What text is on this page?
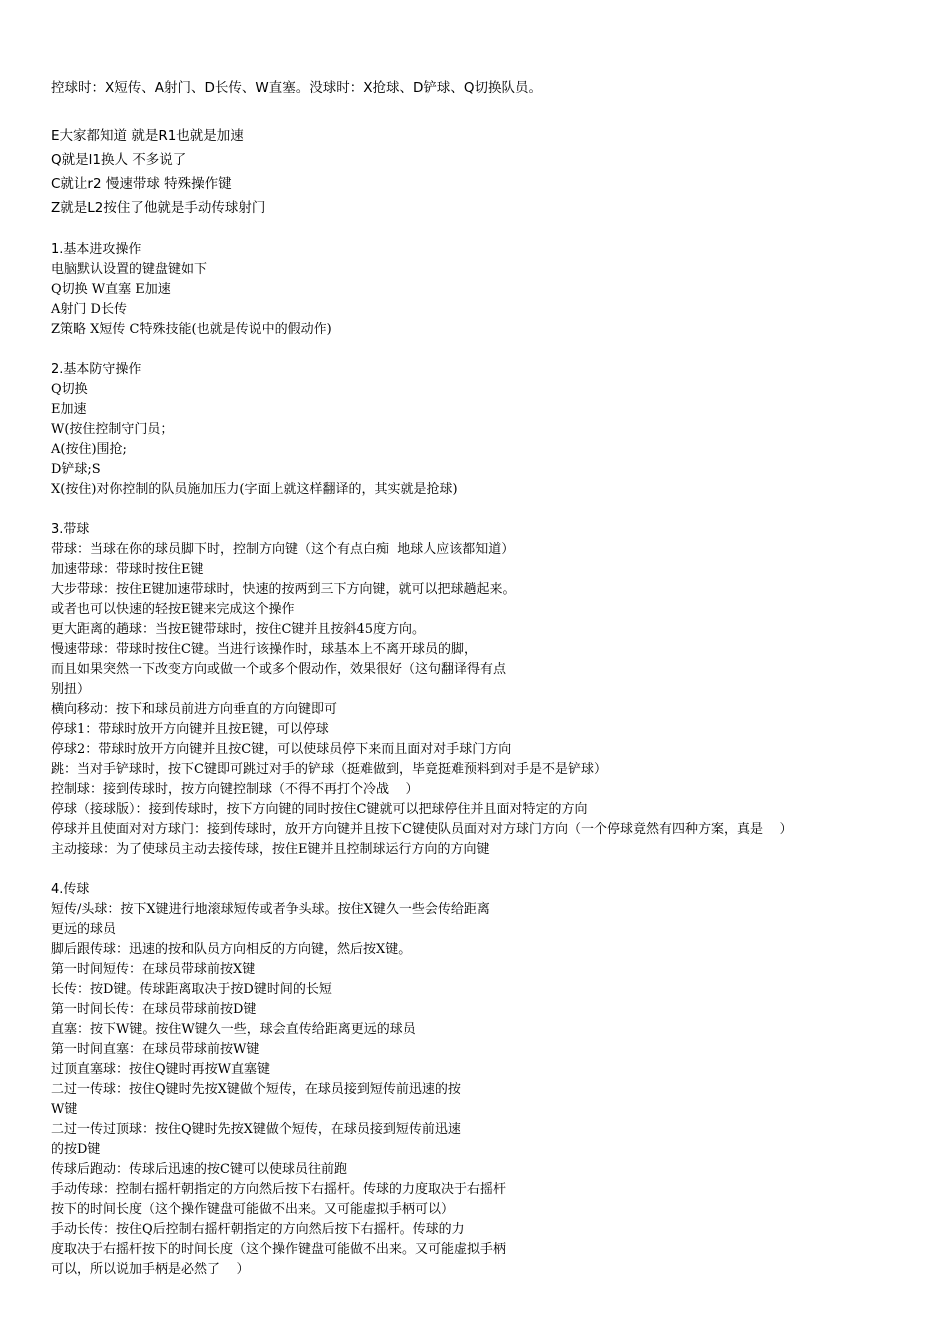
控球时：X短传、A射门、D长传、W直塞。没球时：X抢球、D铲球、Q切换队员。
E大家都知道 就是R1也就是加速
Q就是l1换人 不多说了
C就让r2 慢速带球 特殊操作键
Z就是L2按住了他就是手动传球射门
1.基本进攻操作
电脑默认设置的键盘键如下
Q切换 W直塞 E加速
A射门 D长传
Z策略 X短传 C特殊技能(也就是传说中的假动作)
2.基本防守操作
Q切换
E加速
W(按住控制守门员；
A(按住)围抢;
D铲球;S
X(按住)对你控制的队员施加压力(字面上就这样翻译的，其实就是抢球)
3.带球
带球：当球在你的球员脚下时，控制方向键（这个有点白痴  地球人应该都知道）
加速带球：带球时按住E键
大步带球：按住E键加速带球时，快速的按两到三下方向键，就可以把球趟起来。
或者也可以快速的轻按E键来完成这个操作
更大距离的趟球：当按E键带球时，按住C键并且按斜45度方向。
慢速带球：带球时按住C键。当进行该操作时，球基本上不离开球员的脚，
而且如果突然一下改变方向或做一个或多个假动作，效果很好（这句翻译得有点
别扭）
横向移动：按下和球员前进方向垂直的方向键即可
停球1：带球时放开方向键并且按E键，可以停球
停球2：带球时放开方向键并且按C键，可以使球员停下来而且面对对手球门方向
跳：当对手铲球时，按下C键即可跳过对手的铲球（挺难做到，毕竟挺难预料到对手是不是铲球）
控制球：接到传球时，按方向键控制球（不得不再打个冷战    ）
停球（接球版）：接到传球时，按下方向键的同时按住C键就可以把球停住并且面对特定的方向
停球并且使面对对方球门：接到传球时，放开方向键并且按下C键使队员面对对方球门方向（一个停球竟然有四种方案，真是    ）
主动接球：为了使球员主动去接传球，按住E键并且控制球运行方向的方向键
4.传球
短传/头球：按下X键进行地滚球短传或者争头球。按住X键久一些会传给距离
更远的球员
脚后跟传球：迅速的按和队员方向相反的方向键，然后按X键。
第一时间短传：在球员带球前按X键
长传：按D键。传球距离取决于按D键时间的长短
第一时间长传：在球员带球前按D键
直塞：按下W键。按住W键久一些，球会直传给距离更远的球员
第一时间直塞：在球员带球前按W键
过顶直塞球：按住Q键时再按W直塞键
二过一传球：按住Q键时先按X键做个短传，在球员接到短传前迅速的按
W键
二过一传过顶球：按住Q键时先按X键做个短传，在球员接到短传前迅速
的按D键
传球后跑动：传球后迅速的按C键可以使球员往前跑
手动传球：控制右摇杆朝指定的方向然后按下右摇杆。传球的力度取决于右摇杆
按下的时间长度（这个操作键盘可能做不出来。又可能虚拟手柄可以）
手动长传：按住Q后控制右摇杆朝指定的方向然后按下右摇杆。传球的力
度取决于右摇杆按下的时间长度（这个操作键盘可能做不出来。又可能虚拟手柄
可以，所以说加手柄是必然了    ）
